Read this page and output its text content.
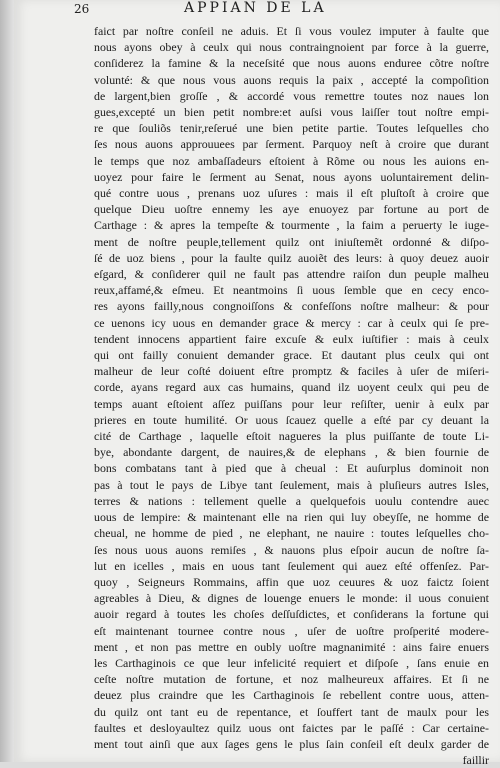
26	APPIAN DE LA
faict par noſtre conſeil ne aduis. Et ſi vous voulez imputer à faulte que
nous ayons obey à ceulx qui nous contraingnoient par force à la guerre,
conſiderez la famine & la neceſsité que nous auons enduree cõtre noſtre
volunté: & que nous vous auons requis la paix , accepté la compoſition
de largent,bien groſſe , & accordé vous remettre toutes noz naues lon
gues,excepté un bien petit nombre:et auſsi vous laiſſer tout noſtre empi-
re que ſouliõs tenir,reſerué une bien petite partie. Toutes leſquelles cho
ſes nous auons approuuees par ſerment. Parquoy neſt à croire que durant
le temps que noz ambaſſadeurs eſtoient à Rõme ou nous les auions en-
uoyez pour faire le ſerment au Senat, nous ayons uoluntairement delin-
qué contre uous , prenans uoz uſures : mais il eſt pluſtoſt à croire que
quelque Dieu uoſtre ennemy les aye enuoyez par fortune au port de
Carthage : & apres la tempeſte & tourmente , la faim a peruerty le iuge-
ment de noſtre peuple,tellement quilz ont iniuſtemẽt ordonné & diſpo-
ſé de uoz biens , pour la faulte quilz auoiẽt des leurs: à quoy deuez auoir
eſgard, & conſiderer quil ne fault pas attendre raiſon dun peuple malheu
reux,affamé,& eſmeu. Et neantmoins ſi uous ſemble que en cecy enco-
res ayons failly,nous congnoiſſons & confeſſons noſtre malheur: & pour
ce uenons icy uous en demander grace & mercy : car à ceulx qui ſe pre-
tendent innocens appartient faire excuſe & eulx iuſtifier : mais à ceulx
qui ont failly conuient demander grace. Et dautant plus ceulx qui ont
malheur de leur coſté doiuent eſtre promptz & faciles à uſer de miſeri-
corde, ayans regard aux cas humains, quand ilz uoyent ceulx qui peu de
temps auant eſtoient aſſez puiſſans pour leur reſiſter, uenir à eulx par
prieres en toute humilité. Or uous ſcauez quelle a eſté par cy deuant la
cité de Carthage , laquelle eſtoit nagueres la plus puiſſante de toute Li-
bye, abondante dargent, de nauires,& de elephans , & bien fournie de
bons combatans tant à pied que à cheual : Et auſurplus dominoit non
pas à tout le pays de Libye tant ſeulement, mais à pluſieurs autres Isles,
terres & nations : tellement quelle a quelquefois uoulu contendre auec
uous de lempire: & maintenant elle na rien qui luy obeyſſe, ne homme de
cheual, ne homme de pied , ne elephant, ne nauire : toutes leſquelles cho-
ſes nous uous auons remiſes , & nauons plus eſpoir aucun de noſtre ſa-
lut en icelles , mais en uous tant ſeulement qui auez eſté offenſez. Par-
quoy , Seigneurs Rommains, affin que uoz ceuures & uoz faictz ſoient
agreables à Dieu, & dignes de louenge enuers le monde: il uous conuient
auoir regard à toutes les choſes deſſuſdictes, et conſiderans la fortune qui
eſt maintenant tournee contre nous , uſer de uoſtre proſperité modere-
ment , et non pas mettre en oubly uoſtre magnanimité : ains faire enuers
les Carthaginois ce que leur infelicité requiert et diſpoſe , ſans enuie en
ceſte noſtre mutation de fortune, et noz malheureux affaires. Et ſi ne
deuez plus craindre que les Carthaginois ſe rebellent contre uous, atten-
du quilz ont tant eu de repentance, et ſouffert tant de maulx pour les
faultes et desloyaultez quilz uous ont faictes par le paſſé : Car certaine-
ment tout ainſi que aux ſages gens le plus ſain conſeil eſt deulx garder de
faillir
